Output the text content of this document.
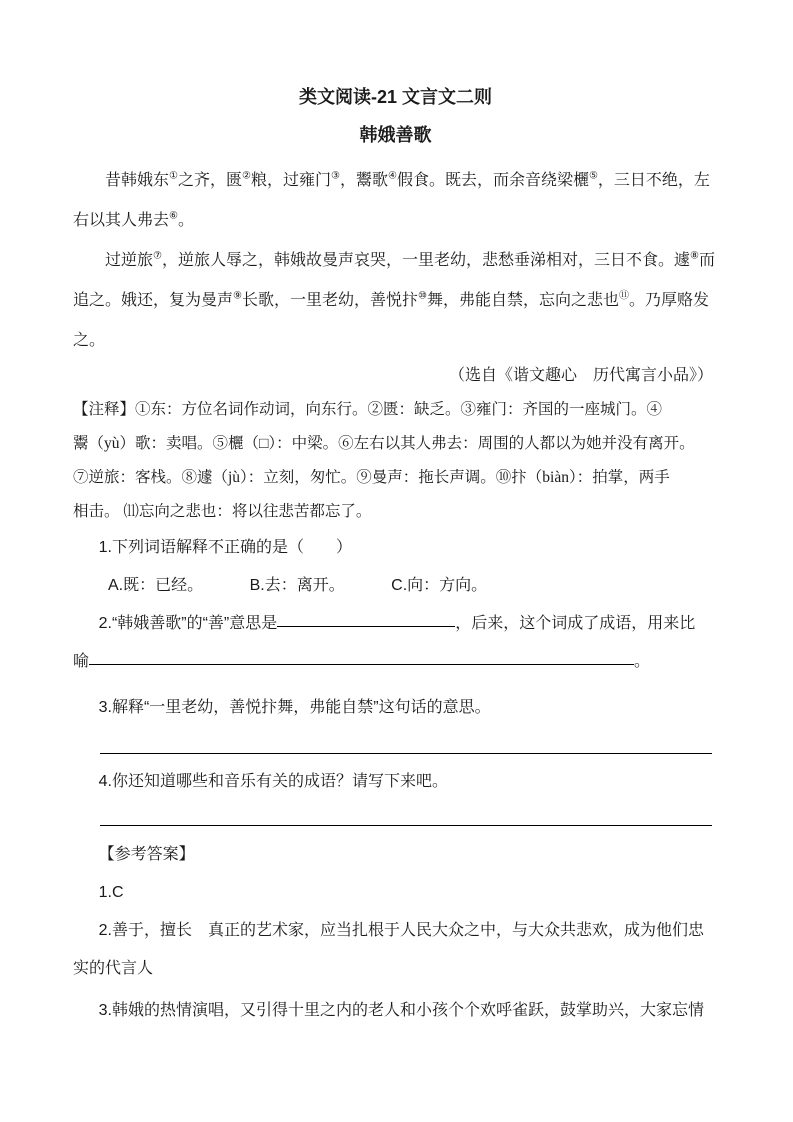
类文阅读-21 文言文二则
韩娥善歌
昔韩娥东①之齐，匮②粮，过雍门③，鬻歌④假食。既去，而余音绕梁欐⑤，三日不绝，左
右以其人弗去⑥。
过逆旅⑦，逆旅人辱之，韩娥故曼声哀哭，一里老幼，悲愁垂涕相对，三日不食。遽⑧而
追之。娥还，复为曼声⑨长歌，一里老幼，善悦抃⑩舞，弗能自禁，忘向之悲也⑪。乃厚赂发
之。

（选自《谐文趣心　历代寓言小品》）

【注释】①东：方位名词作动词，向东行。②匮：缺乏。③雍门：齐国的一座城门。④
鬻（yù）歌：卖唱。⑤欐（□）：中梁。⑥左右以其人弗去：周围的人都以为她并没有离开。
⑦逆旅：客栈。⑧遽（jù）：立刻，匆忙。⑨曼声：拖长声调。⑩抃（biàn）：拍掌，两手
相击。 ⑾忘向之悲也：将以往悲苦都忘了。

1.下列词语解释不正确的是（　　）

A.既：已经。	B.去：离开。	C.向：方向。

2.“韩娥善歌”的“善”意思是	，后来，这个词成了成语，用来比
喻	。

3.解释“一里老幼，善悦抃舞，弗能自禁”这句话的意思。

4.你还知道哪些和音乐有关的成语？请写下来吧。

【参考答案】

1.C
2.善于，擅长　真正的艺术家，应当扎根于人民大众之中，与大众共悲欢，成为他们忠
实的代言人
3.韩娥的热情演唱，又引得十里之内的老人和小孩个个欢呼雀跃，鼓掌助兴，大家忘情
